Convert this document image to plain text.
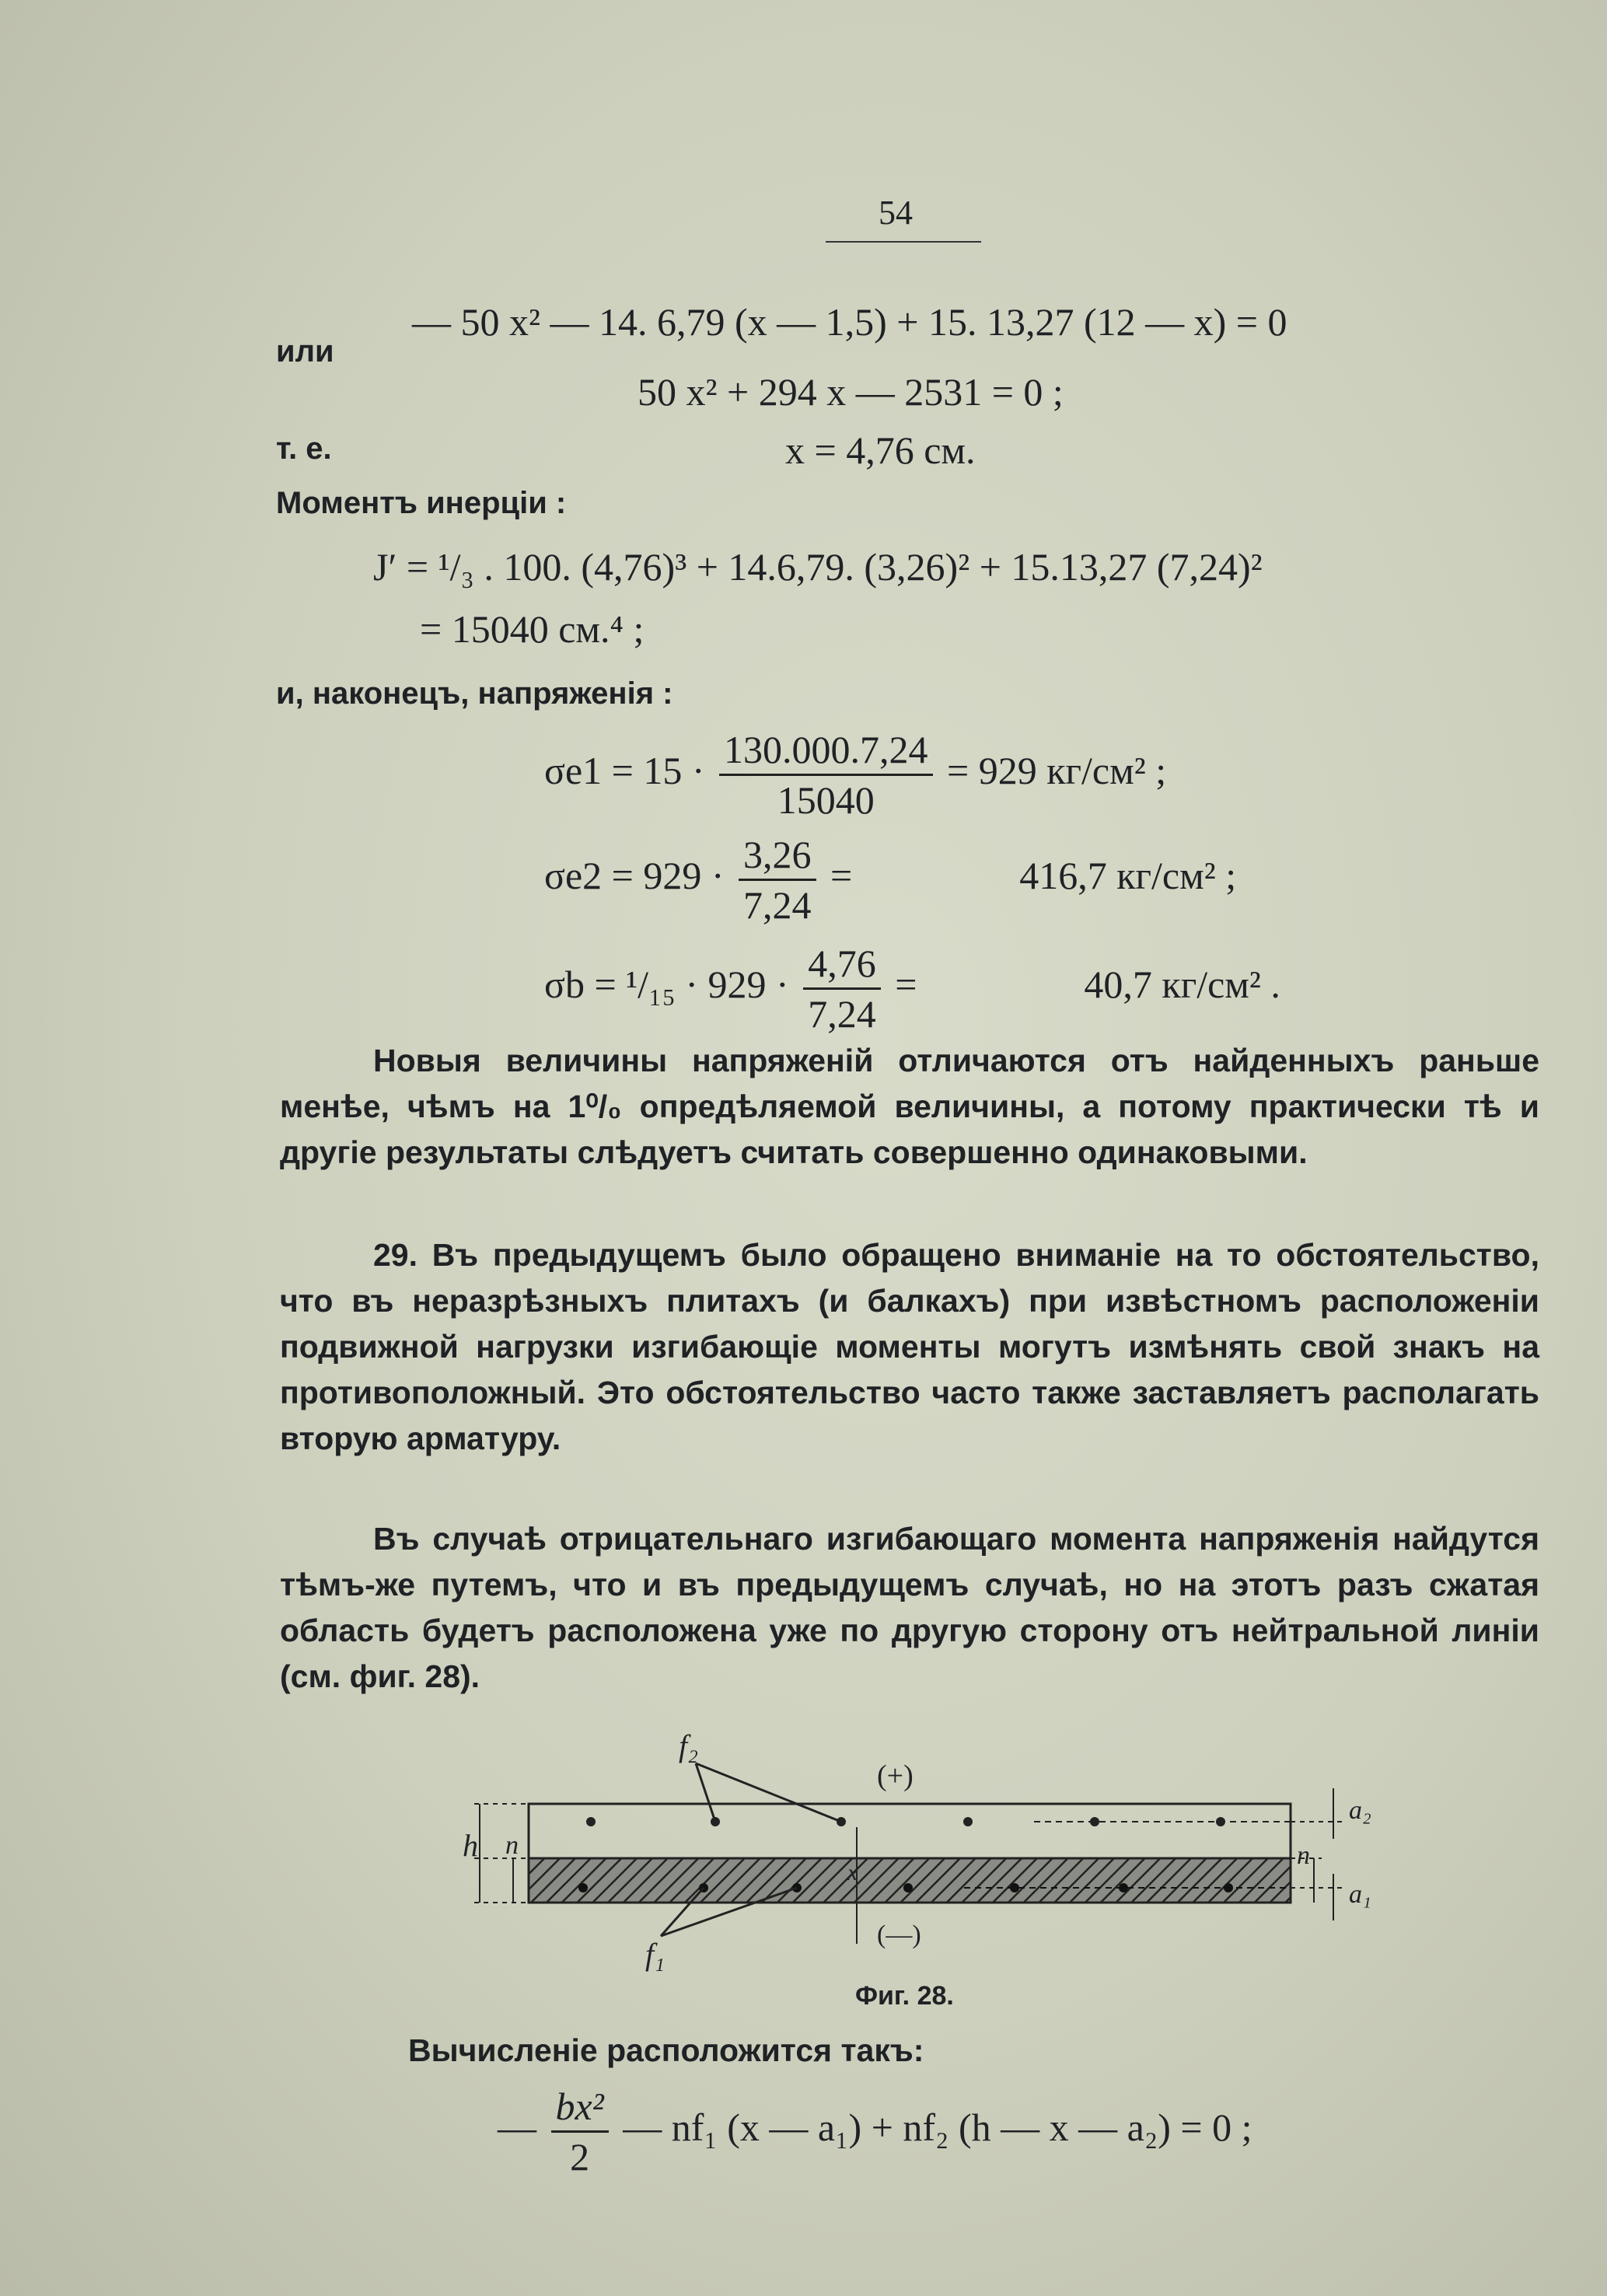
54
— 50 x² — 14. 6,79 (x — 1,5) + 15. 13,27 (12 — x) = 0
или
50 x² + 294 x — 2531 = 0 ;
т. е.	x = 4,76 см.
Моментъ инерціи :
J′ = ¹/₃ . 100. (4,76)³ + 14.6,79. (3,26)² + 15.13,27 (7,24)²
= 15040 см.⁴ ;
и, наконецъ, напряженія :
$\sigma e1 = 15 \cdot \frac{130.000.7,24}{15040} = 929$ кг/см² ;
$\sigma e2 = 929 \cdot \frac{3,26}{7,24}$ =	416,7 кг/см² ;
$\sigma b = ^1/_{15} \cdot 929 \cdot \frac{4,76}{7,24}$ =	40,7 кг/см² .
Новыя величины напряженій отличаются отъ найденныхъ раньше менѣе, чѣмъ на 1⁰/₀ опредѣляемой величины, а потому практически тѣ и другіе результаты слѣдуетъ считать совершенно одинаковыми.
29. Въ предыдущемъ было обращено вниманіе на то обстоятельство, что въ неразрѣзныхъ плитахъ (и балкахъ) при извѣстномъ расположеніи подвижной нагрузки изгибающіе моменты могутъ измѣнять свой знакъ на противоположный. Это обстоятельство часто также заставляетъ располагать вторую арматуру.
Въ случаѣ отрицательнаго изгибающаго момента напряженія найдутся тѣмъ-же путемъ, что и въ предыдущемъ случаѣ, но на этотъ разъ сжатая область будетъ расположена уже по другую сторону отъ нейтральной линіи (см. фиг. 28).
(+)
(—)
f₂
f₁
h n	n
x
a₂
a₁
Фиг. 28.
Вычисленіе расположится такъ:
— $\frac{\text{bx²}}{2}$ — nf₁ (x — a₁) + nf₂ (h — x — a₂) = 0 ;
